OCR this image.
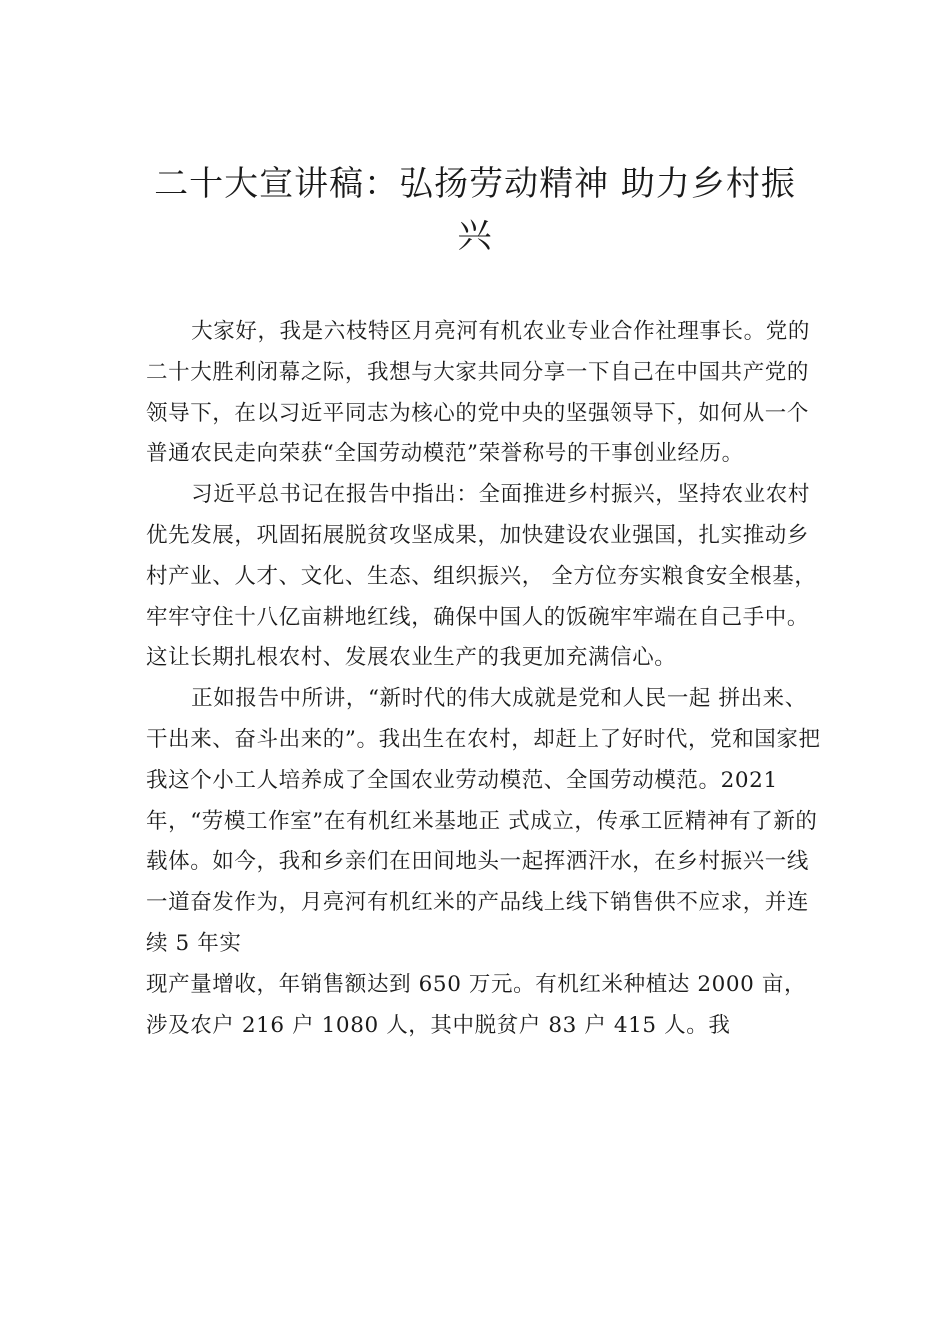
二十大宣讲稿：弘扬劳动精神 助力乡村振
兴

大家好，我是六枝特区月亮河有机农业专业合作社理事长。党的二十大胜利闭幕之际，我想与大家共同分享一下自己在中国共产党的领导下，在以习近平同志为核心的党中央的坚强领导下，如何从一个普通农民走向荣获“全国劳动模范”荣誉称号的干事创业经历。

习近平总书记在报告中指出：全面推进乡村振兴，坚持农业农村优先发展，巩固拓展脱贫攻坚成果，加快建设农业强国，扎实推动乡村产业、人才、文化、生态、组织振兴， 全方位夯实粮食安全根基，牢牢守住十八亿亩耕地红线，确保中国人的饭碗牢牢端在自己手中。这让长期扎根农村、发展农业生产的我更加充满信心。

正如报告中所讲，“新时代的伟大成就是党和人民一起 拼出来、干出来、奋斗出来的”。我出生在农村，却赶上了好时代，党和国家把我这个小工人培养成了全国农业劳动模范、全国劳动模范。2021 年，“劳模工作室”在有机红米基地正 式成立，传承工匠精神有了新的载体。如今，我和乡亲们在田间地头一起挥洒汗水，在乡村振兴一线一道奋发作为，月亮河有机红米的产品线上线下销售供不应求，并连续 5 年实

现产量增收，年销售额达到 650 万元。有机红米种植达 2000 亩，涉及农户 216 户 1080 人，其中脱贫户 83 户 415 人。我
